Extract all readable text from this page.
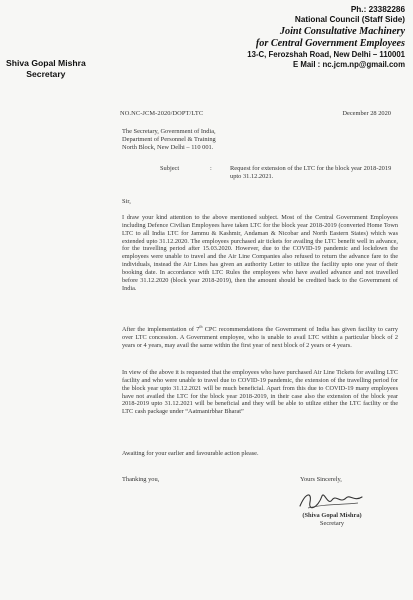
Shiva Gopal Mishra
Secretary
Ph.: 23382286
National Council (Staff Side)
Joint Consultative Machinery
for Central Government Employees
13-C, Ferozshah Road, New Delhi – 110001
E Mail : nc.jcm.np@gmail.com
NO.NC-JCM-2020/DOPT/LTC	December 28 2020
The Secretary, Government of India,
Department of Personnel & Training
North Block, New Delhi – 110 001.
Subject	:	Request for extension of the LTC for the block year 2018-2019 upto 31.12.2021.
Sir,

I draw your kind attention to the above mentioned subject. Most of the Central Government Employees including Defence Civilian Employees have taken LTC for the block year 2018-2019 (converted Home Town LTC to all India LTC for Jammu & Kashmir, Andaman & Nicobar and North Eastern States) which was extended upto 31.12.2020. The employees purchased air tickets for availing the LTC benefit well in advance, for the travelling period after 15.03.2020. However, due to the COVID-19 pandemic and lockdown the employees were unable to travel and the Air Line Companies also refused to return the advance fare to the individuals, instead the Air Lines has given an authority Letter to utilize the facility upto one year of their booking date. In accordance with LTC Rules the employees who have availed advance and not travelled before 31.12.2020 (block year 2018-2019), then the amount should be credited back to the Government of India.

After the implementation of 7th CPC recommendations the Government of India has given facility to carry over LTC concession. A Government employee, who is unable to avail LTC within a particular block of 2 years or 4 years, may avail the same within the first year of next block of 2 years or 4 years.

In view of the above it is requested that the employees who have purchased Air Line Tickets for availing LTC facility and who were unable to travel due to COVID-19 pandemic, the extension of the travelling period for the block year upto 31.12.2021 will be much beneficial. Apart from this due to COVID-19 many employees have not availed the LTC for the block year 2018-2019, in their case also the extension of the block year 2018-2019 upto 31.12.2021 will be beneficial and they will be able to utilize either the LTC facility or the LTC cash package under “Aatmanirbhar Bharat”

Awaiting for your earlier and favourable action please.

Thanking you,	Yours Sincerely,
(Shiva Gopal Mishra)
Secretary
